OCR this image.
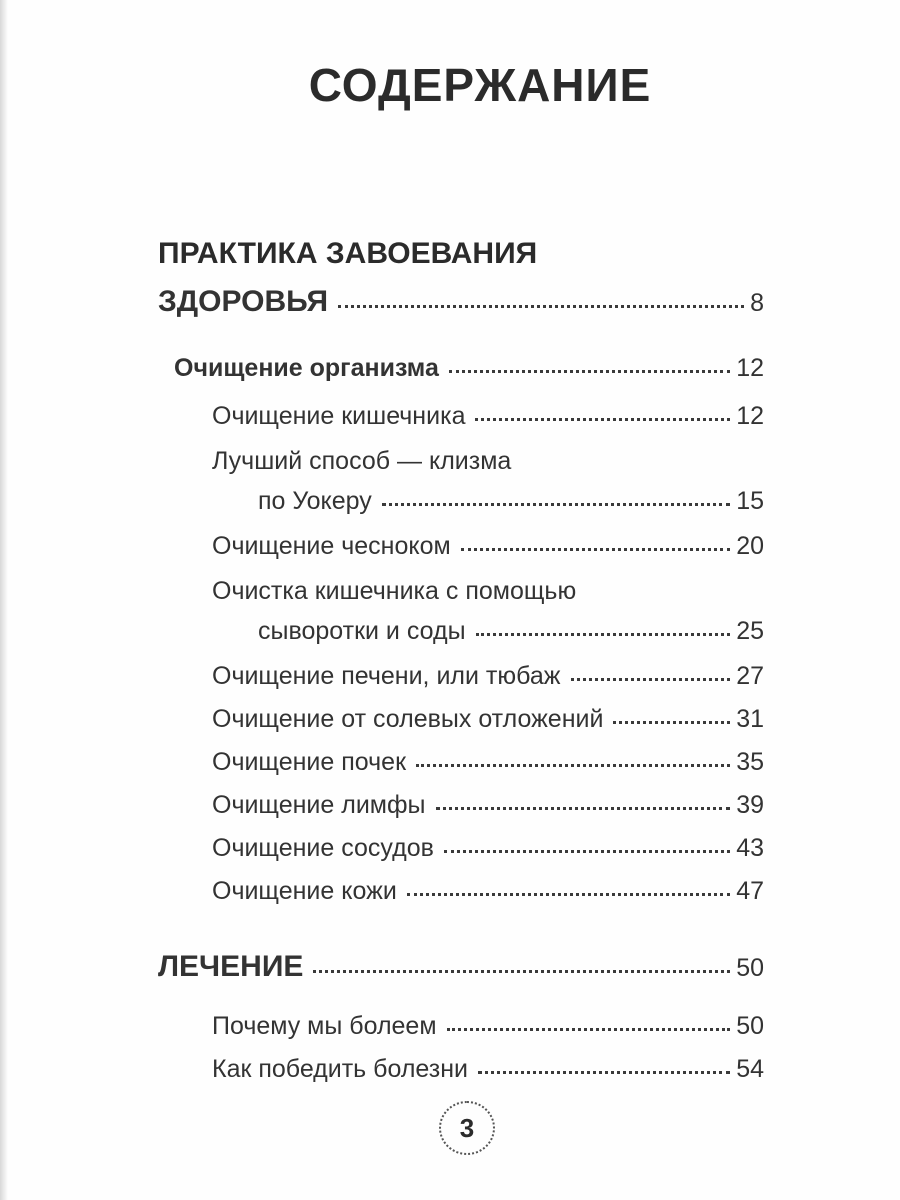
СОДЕРЖАНИЕ
ПРАКТИКА ЗАВОЕВАНИЯ
ЗДОРОВЬЯ	8
Очищение организма	12
Очищение кишечника	12
Лучший способ — клизма
по Уокеру	15
Очищение чесноком	20
Очистка кишечника с помощью
сыворотки и соды	25
Очищение печени, или тюбаж	27
Очищение от солевых отложений	31
Очищение почек	35
Очищение лимфы	39
Очищение сосудов	43
Очищение кожи	47
ЛЕЧЕНИЕ	50
Почему мы болеем	50
Как победить болезни	54
3
